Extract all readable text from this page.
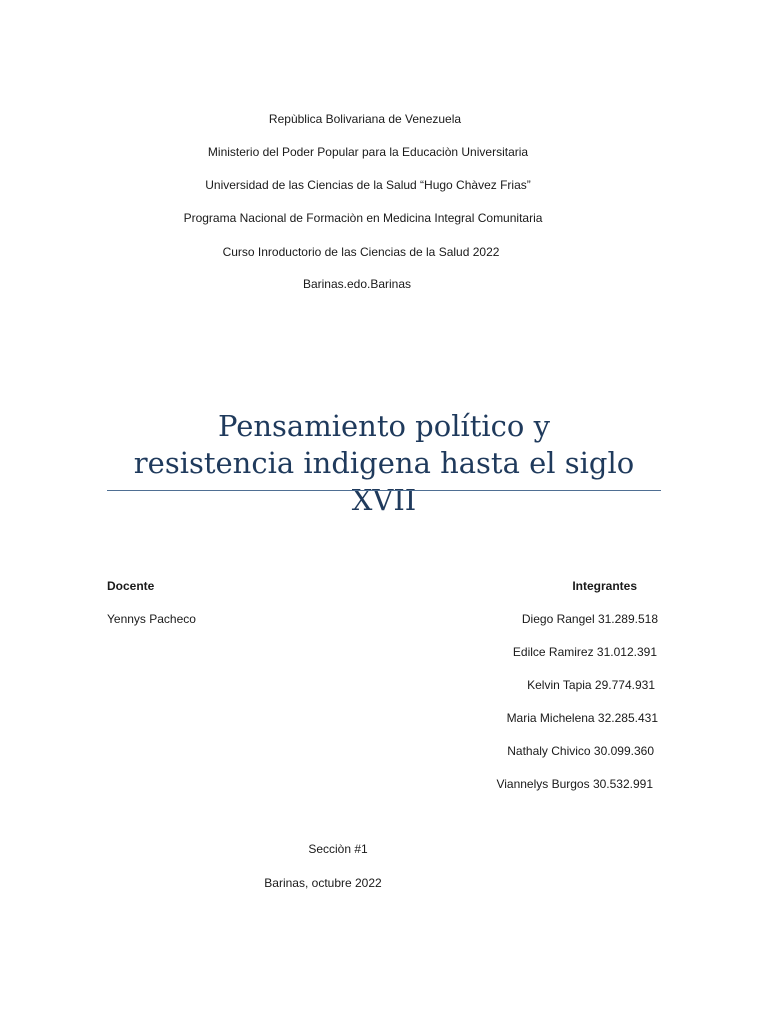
Repùblica Bolivariana de Venezuela
Ministerio del Poder Popular para la Educaciòn Universitaria
Universidad de las Ciencias de la Salud “Hugo Chàvez Frias”
Programa Nacional de Formaciòn en Medicina Integral Comunitaria
Curso Inroductorio de las Ciencias de la Salud 2022
Barinas.edo.Barinas
Pensamiento político y
resistencia indigena hasta el siglo XVII
Docente
Yennys Pacheco
Integrantes
Diego Rangel 31.289.518
Edilce Ramirez 31.012.391
Kelvin Tapia 29.774.931
Maria Michelena 32.285.431
Nathaly Chivico 30.099.360
Viannelys Burgos 30.532.991
Secciòn #1
Barinas, octubre 2022
